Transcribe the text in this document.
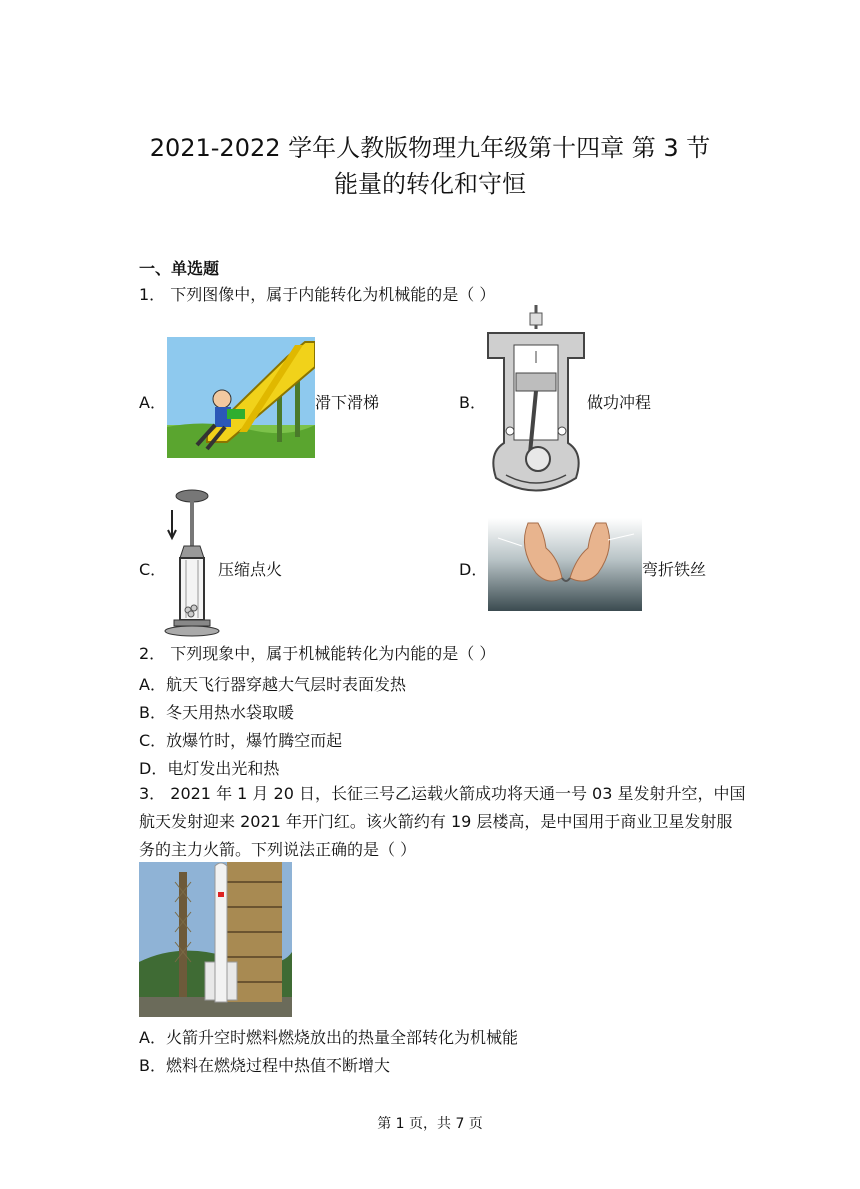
2021-2022 学年人教版物理九年级第十四章 第 3 节
能量的转化和守恒
一、单选题
1． 下列图像中，属于内能转化为机械能的是（ ）
A．	滑下滑梯	B．	做功冲程
C．	压缩点火	D．	弯折铁丝
2． 下列现象中，属于机械能转化为内能的是（ ）
A．航天飞行器穿越大气层时表面发热
B．冬天用热水袋取暖
C．放爆竹时，爆竹腾空而起
D．电灯发出光和热
3． 2021 年 1 月 20 日，长征三号乙运载火箭成功将天通一号 03 星发射升空，中国
航天发射迎来 2021 年开门红。该火箭约有 19 层楼高，是中国用于商业卫星发射服
务的主力火箭。下列说法正确的是（ ）
A．火箭升空时燃料燃烧放出的热量全部转化为机械能
B．燃料在燃烧过程中热值不断增大
第 1 页，共 7 页
